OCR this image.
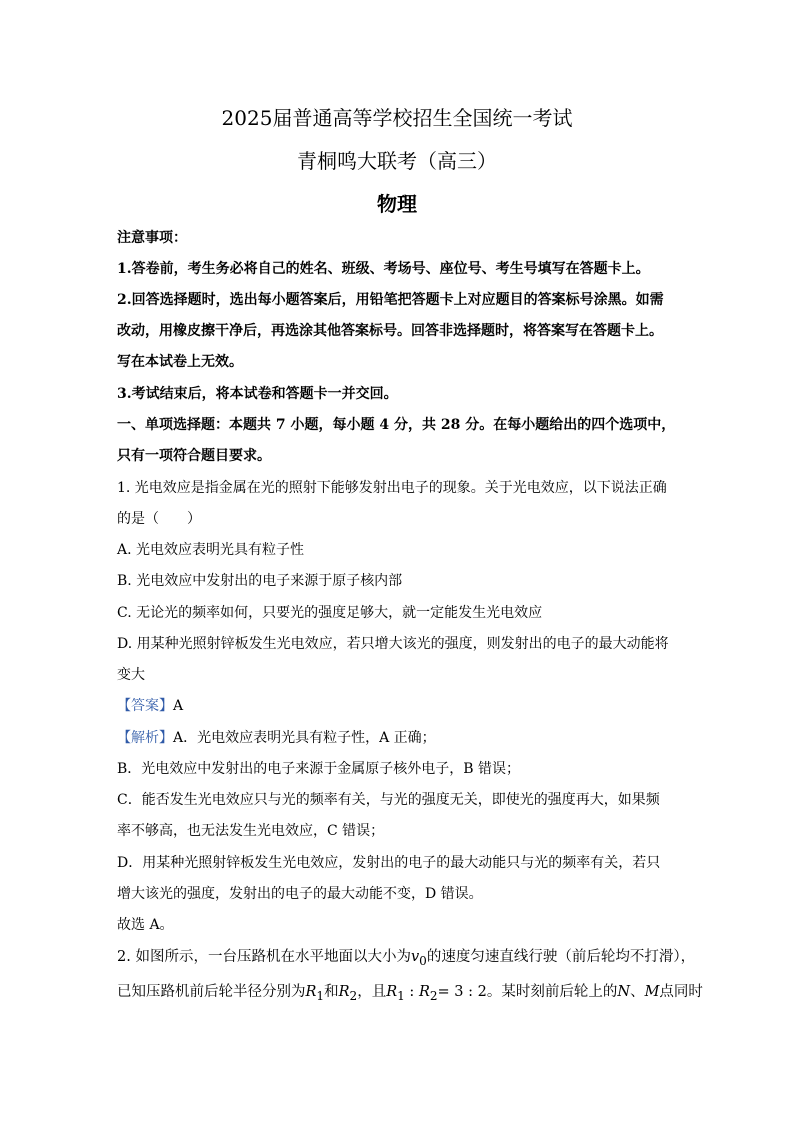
2025届普通高等学校招生全国统一考试
青桐鸣大联考（高三）
物理
注意事项：
1.答卷前，考生务必将自己的姓名、班级、考场号、座位号、考生号填写在答题卡上。
2.回答选择题时，选出每小题答案后，用铅笔把答题卡上对应题目的答案标号涂黑。如需
改动，用橡皮擦干净后，再选涂其他答案标号。回答非选择题时，将答案写在答题卡上。
写在本试卷上无效。
3.考试结束后，将本试卷和答题卡一并交回。
一、单项选择题：本题共 7 小题，每小题 4 分，共 28 分。在每小题给出的四个选项中，
只有一项符合题目要求。
1. 光电效应是指金属在光的照射下能够发射出电子的现象。关于光电效应，以下说法正确
的是（　　）
A. 光电效应表明光具有粒子性
B. 光电效应中发射出的电子来源于原子核内部
C. 无论光的频率如何，只要光的强度足够大，就一定能发生光电效应
D. 用某种光照射锌板发生光电效应，若只增大该光的强度，则发射出的电子的最大动能将
变大
【答案】A
【解析】A．光电效应表明光具有粒子性，A 正确；
B．光电效应中发射出的电子来源于金属原子核外电子，B 错误；
C．能否发生光电效应只与光的频率有关，与光的强度无关，即使光的强度再大，如果频
率不够高，也无法发生光电效应，C 错误；
D．用某种光照射锌板发生光电效应，发射出的电子的最大动能只与光的频率有关，若只
增大该光的强度，发射出的电子的最大动能不变，D 错误。
故选 A。
2. 如图所示，一台压路机在水平地面以大小为$v_0$的速度匀速直线行驶（前后轮均不打滑），
已知压路机前后轮半径分别为$R_1$和$R_2$，且$R_1$ : $R_2= 3$ : 2。某时刻前后轮上的N、M点同时
